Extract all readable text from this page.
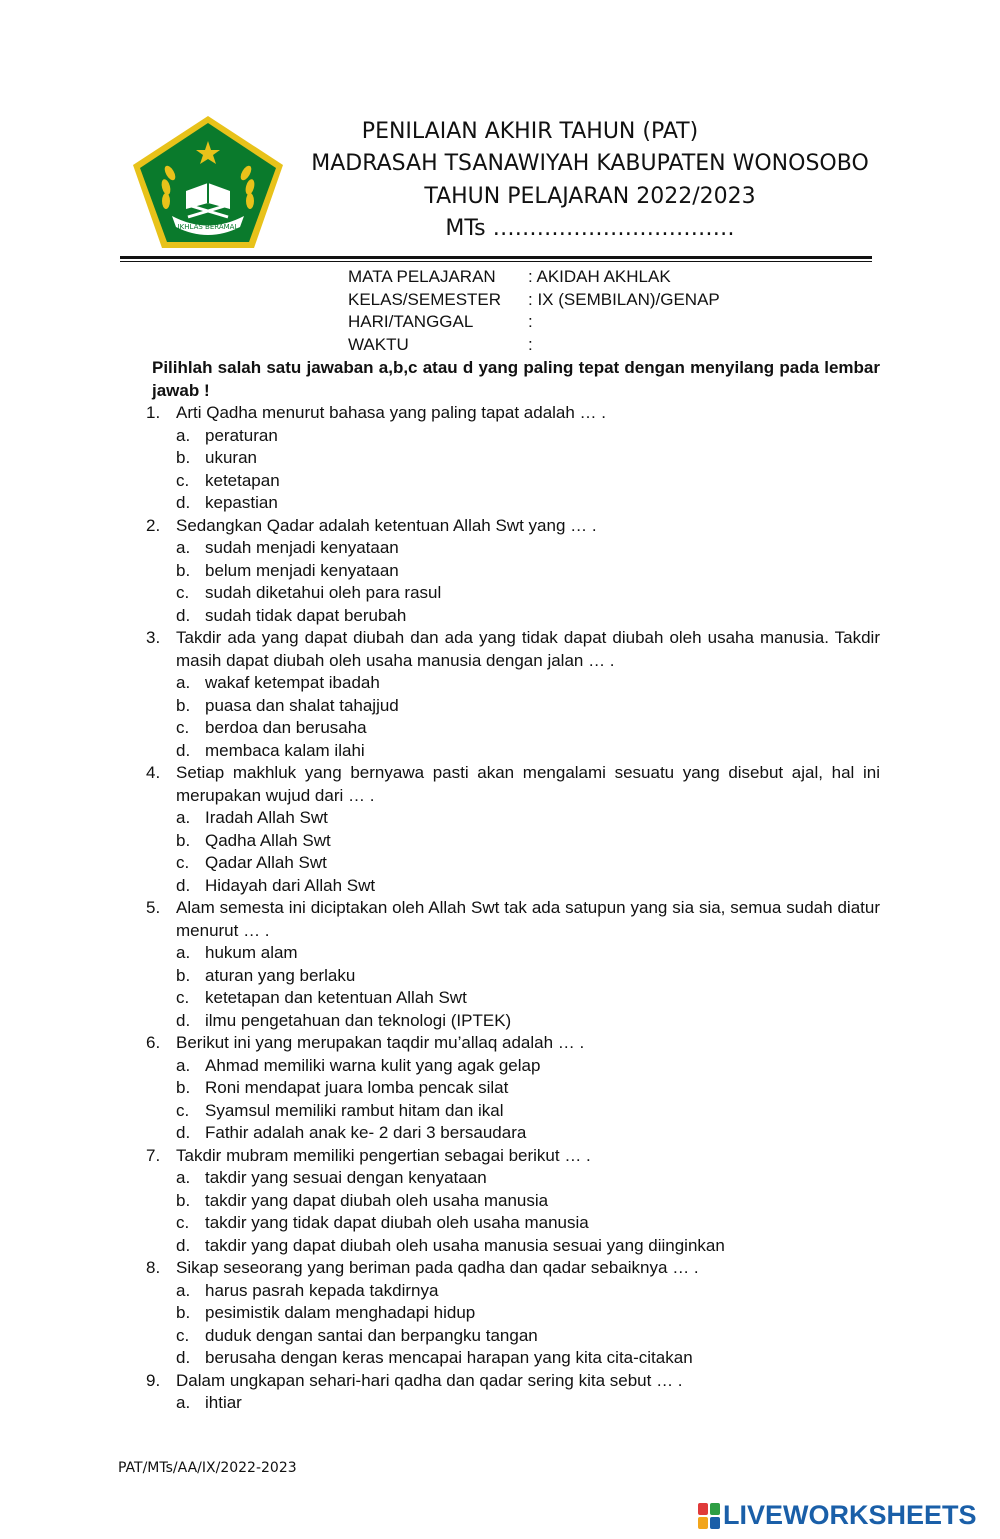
IKHLAS BERAMAL
PENILAIAN AKHIR TAHUN (PAT)
MADRASAH TSANAWIYAH KABUPATEN WONOSOBO
TAHUN PELAJARAN 2022/2023
MTs ……………………………
MATA PELAJARAN	: AKIDAH AKHLAK
KELAS/SEMESTER	: IX (SEMBILAN)/GENAP
HARI/TANGGAL	:
WAKTU	:
Pilihlah salah satu jawaban a,b,c atau d yang paling tepat dengan menyilang pada lembar jawab !
1. Arti Qadha menurut bahasa yang paling tapat adalah … .
a. peraturan
b. ukuran
c. ketetapan
d. kepastian
2. Sedangkan Qadar adalah ketentuan Allah Swt yang … .
a. sudah menjadi kenyataan
b. belum menjadi kenyataan
c. sudah diketahui oleh para rasul
d. sudah tidak dapat berubah
3. Takdir ada yang dapat diubah dan ada yang tidak dapat diubah oleh usaha manusia. Takdir masih dapat diubah oleh usaha manusia dengan jalan … .
a. wakaf ketempat ibadah
b. puasa dan shalat tahajjud
c. berdoa dan berusaha
d. membaca kalam ilahi
4. Setiap makhluk yang bernyawa pasti akan mengalami sesuatu yang disebut ajal, hal ini merupakan wujud dari … .
a. Iradah Allah Swt
b. Qadha Allah Swt
c. Qadar Allah Swt
d. Hidayah dari Allah Swt
5. Alam semesta ini diciptakan oleh Allah Swt tak ada satupun yang sia sia, semua sudah diatur menurut … .
a. hukum alam
b. aturan yang berlaku
c. ketetapan dan ketentuan Allah Swt
d. ilmu pengetahuan dan teknologi (IPTEK)
6. Berikut ini yang merupakan taqdir mu’allaq adalah … .
a. Ahmad memiliki warna kulit yang agak gelap
b. Roni mendapat juara lomba pencak silat
c. Syamsul memiliki rambut hitam dan ikal
d. Fathir adalah anak ke- 2 dari 3 bersaudara
7. Takdir mubram memiliki pengertian sebagai berikut … .
a. takdir yang sesuai dengan kenyataan
b. takdir yang dapat diubah oleh usaha manusia
c. takdir yang tidak dapat diubah oleh usaha manusia
d. takdir yang dapat diubah oleh usaha manusia sesuai yang diinginkan
8. Sikap seseorang yang beriman pada qadha dan qadar sebaiknya … .
a. harus pasrah kepada takdirnya
b. pesimistik dalam menghadapi hidup
c. duduk dengan santai dan berpangku tangan
d. berusaha dengan keras mencapai harapan yang kita cita-citakan
9. Dalam ungkapan sehari-hari qadha dan qadar sering kita sebut … .
a. ihtiar
PAT/MTs/AA/IX/2022-2023
LIVEWORKSHEETS
